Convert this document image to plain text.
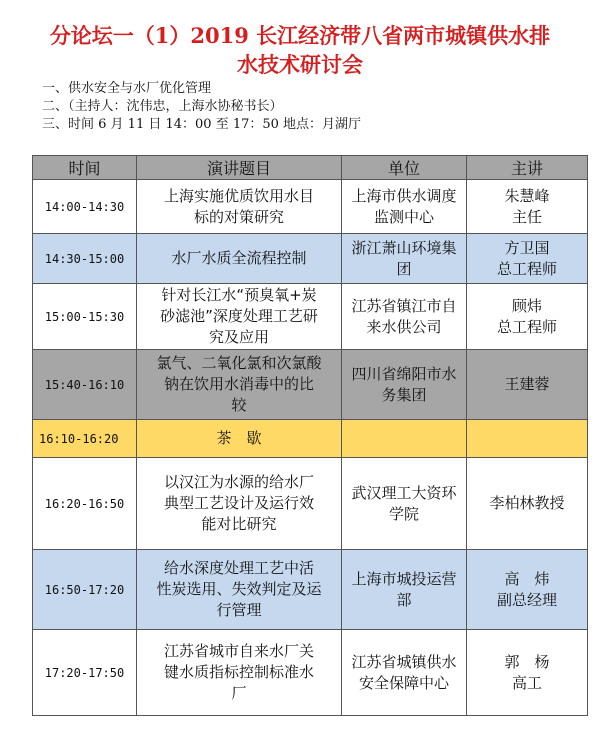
分论坛一（1）2019 长江经济带八省两市城镇供水排
水技术研讨会
一、供水安全与水厂优化管理
二、（主持人：沈伟忠，上海水协秘书长）
三、时间 6 月 11 日 14：00 至 17：50 地点：月湖厅
时间	演讲题目	单位	主讲
14:00-14:30	上海实施优质饮用水目
标的对策研究	上海市供水调度
监测中心	朱慧峰
主任

14:30-15:00	水厂水质全流程控制	浙江萧山环境集
团	方卫国
总工程师

15:00-15:30	针对长江水“预臭氧+炭
砂滤池”深度处理工艺研
究及应用	江苏省镇江市自
来水供公司	顾炜
总工程师

15:40-16:10	氯气、二氧化氯和次氯酸
钠在饮用水消毒中的比
较	四川省绵阳市水
务集团	王建蓉

16:10-16:20	茶　歇		

16:20-16:50	以汉江为水源的给水厂
典型工艺设计及运行效
能对比研究	武汉理工大资环
学院	李柏林教授

16:50-17:20	给水深度处理工艺中活
性炭选用、失效判定及运
行管理	上海市城投运营
部	高　炜
副总经理

17:20-17:50	江苏省城市自来水厂关
键水质指标控制标准水
厂	江苏省城镇供水
安全保障中心	郭　杨
高工
